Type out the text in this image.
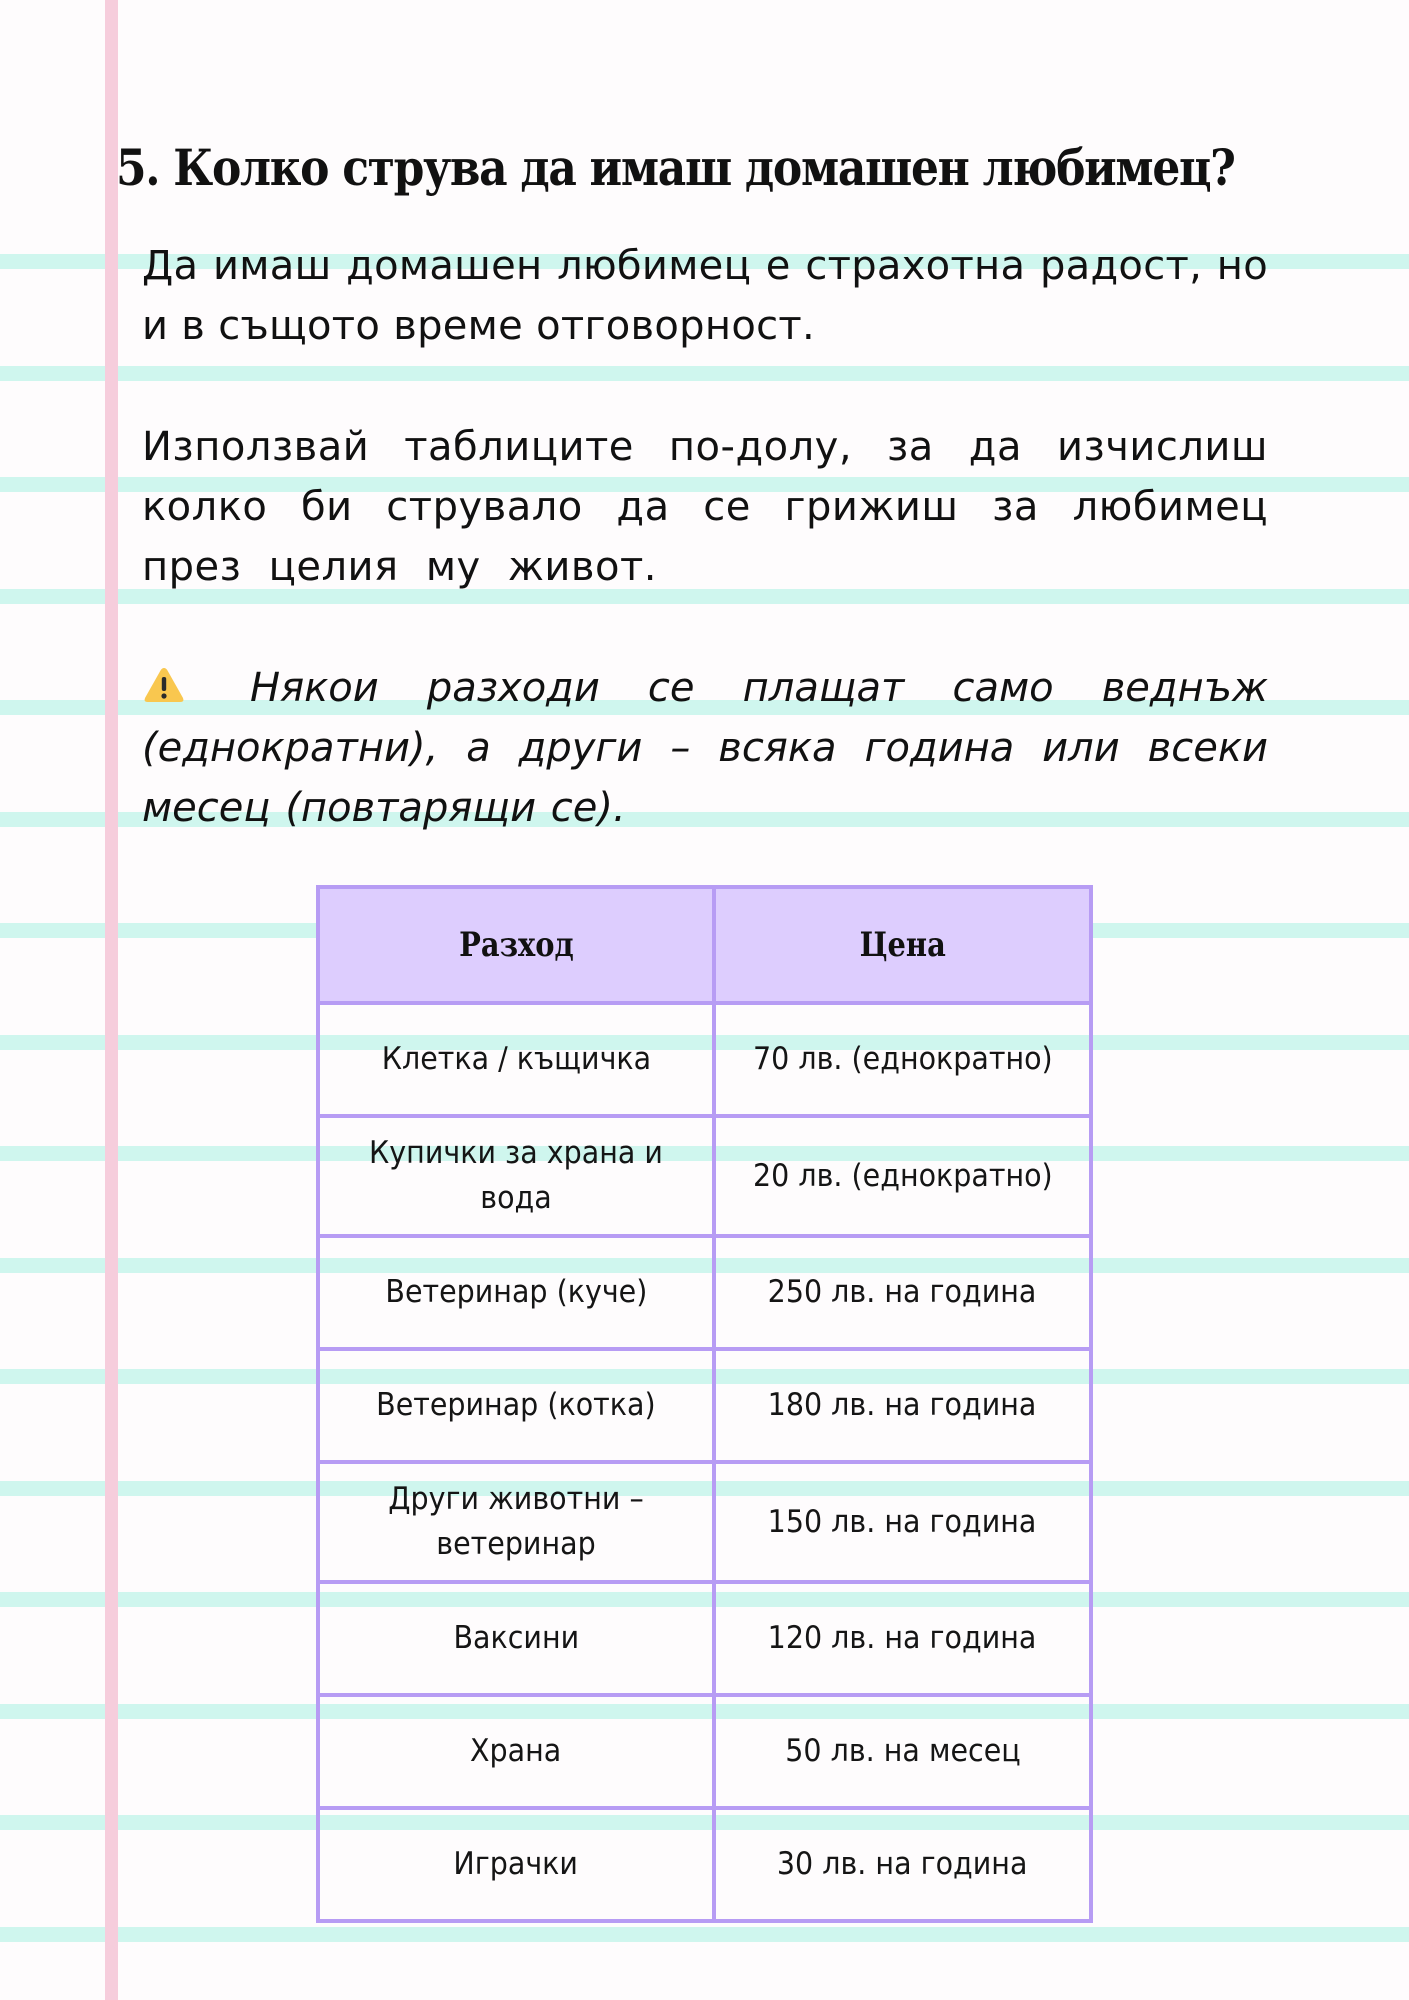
5. Колко струва да имаш домашен любимец?

Да имаш домашен любимец е страхотна радост, но и в същото време отговорност.

Използвай таблиците по-долу, за да изчислиш колко би струвало да се грижиш за любимец през целия му живот.

Някои разходи се плащат само веднъж (еднократни), а други – всяка година или всеки месец (повтарящи се).

Разход	Цена
Клетка / къщичка	70 лв. (еднократно)
Купички за храна и вода	20 лв. (еднократно)
Ветеринар (куче)	250 лв. на година
Ветеринар (котка)	180 лв. на година
Други животни – ветеринар	150 лв. на година
Ваксини	120 лв. на година
Храна	50 лв. на месец
Играчки	30 лв. на година
